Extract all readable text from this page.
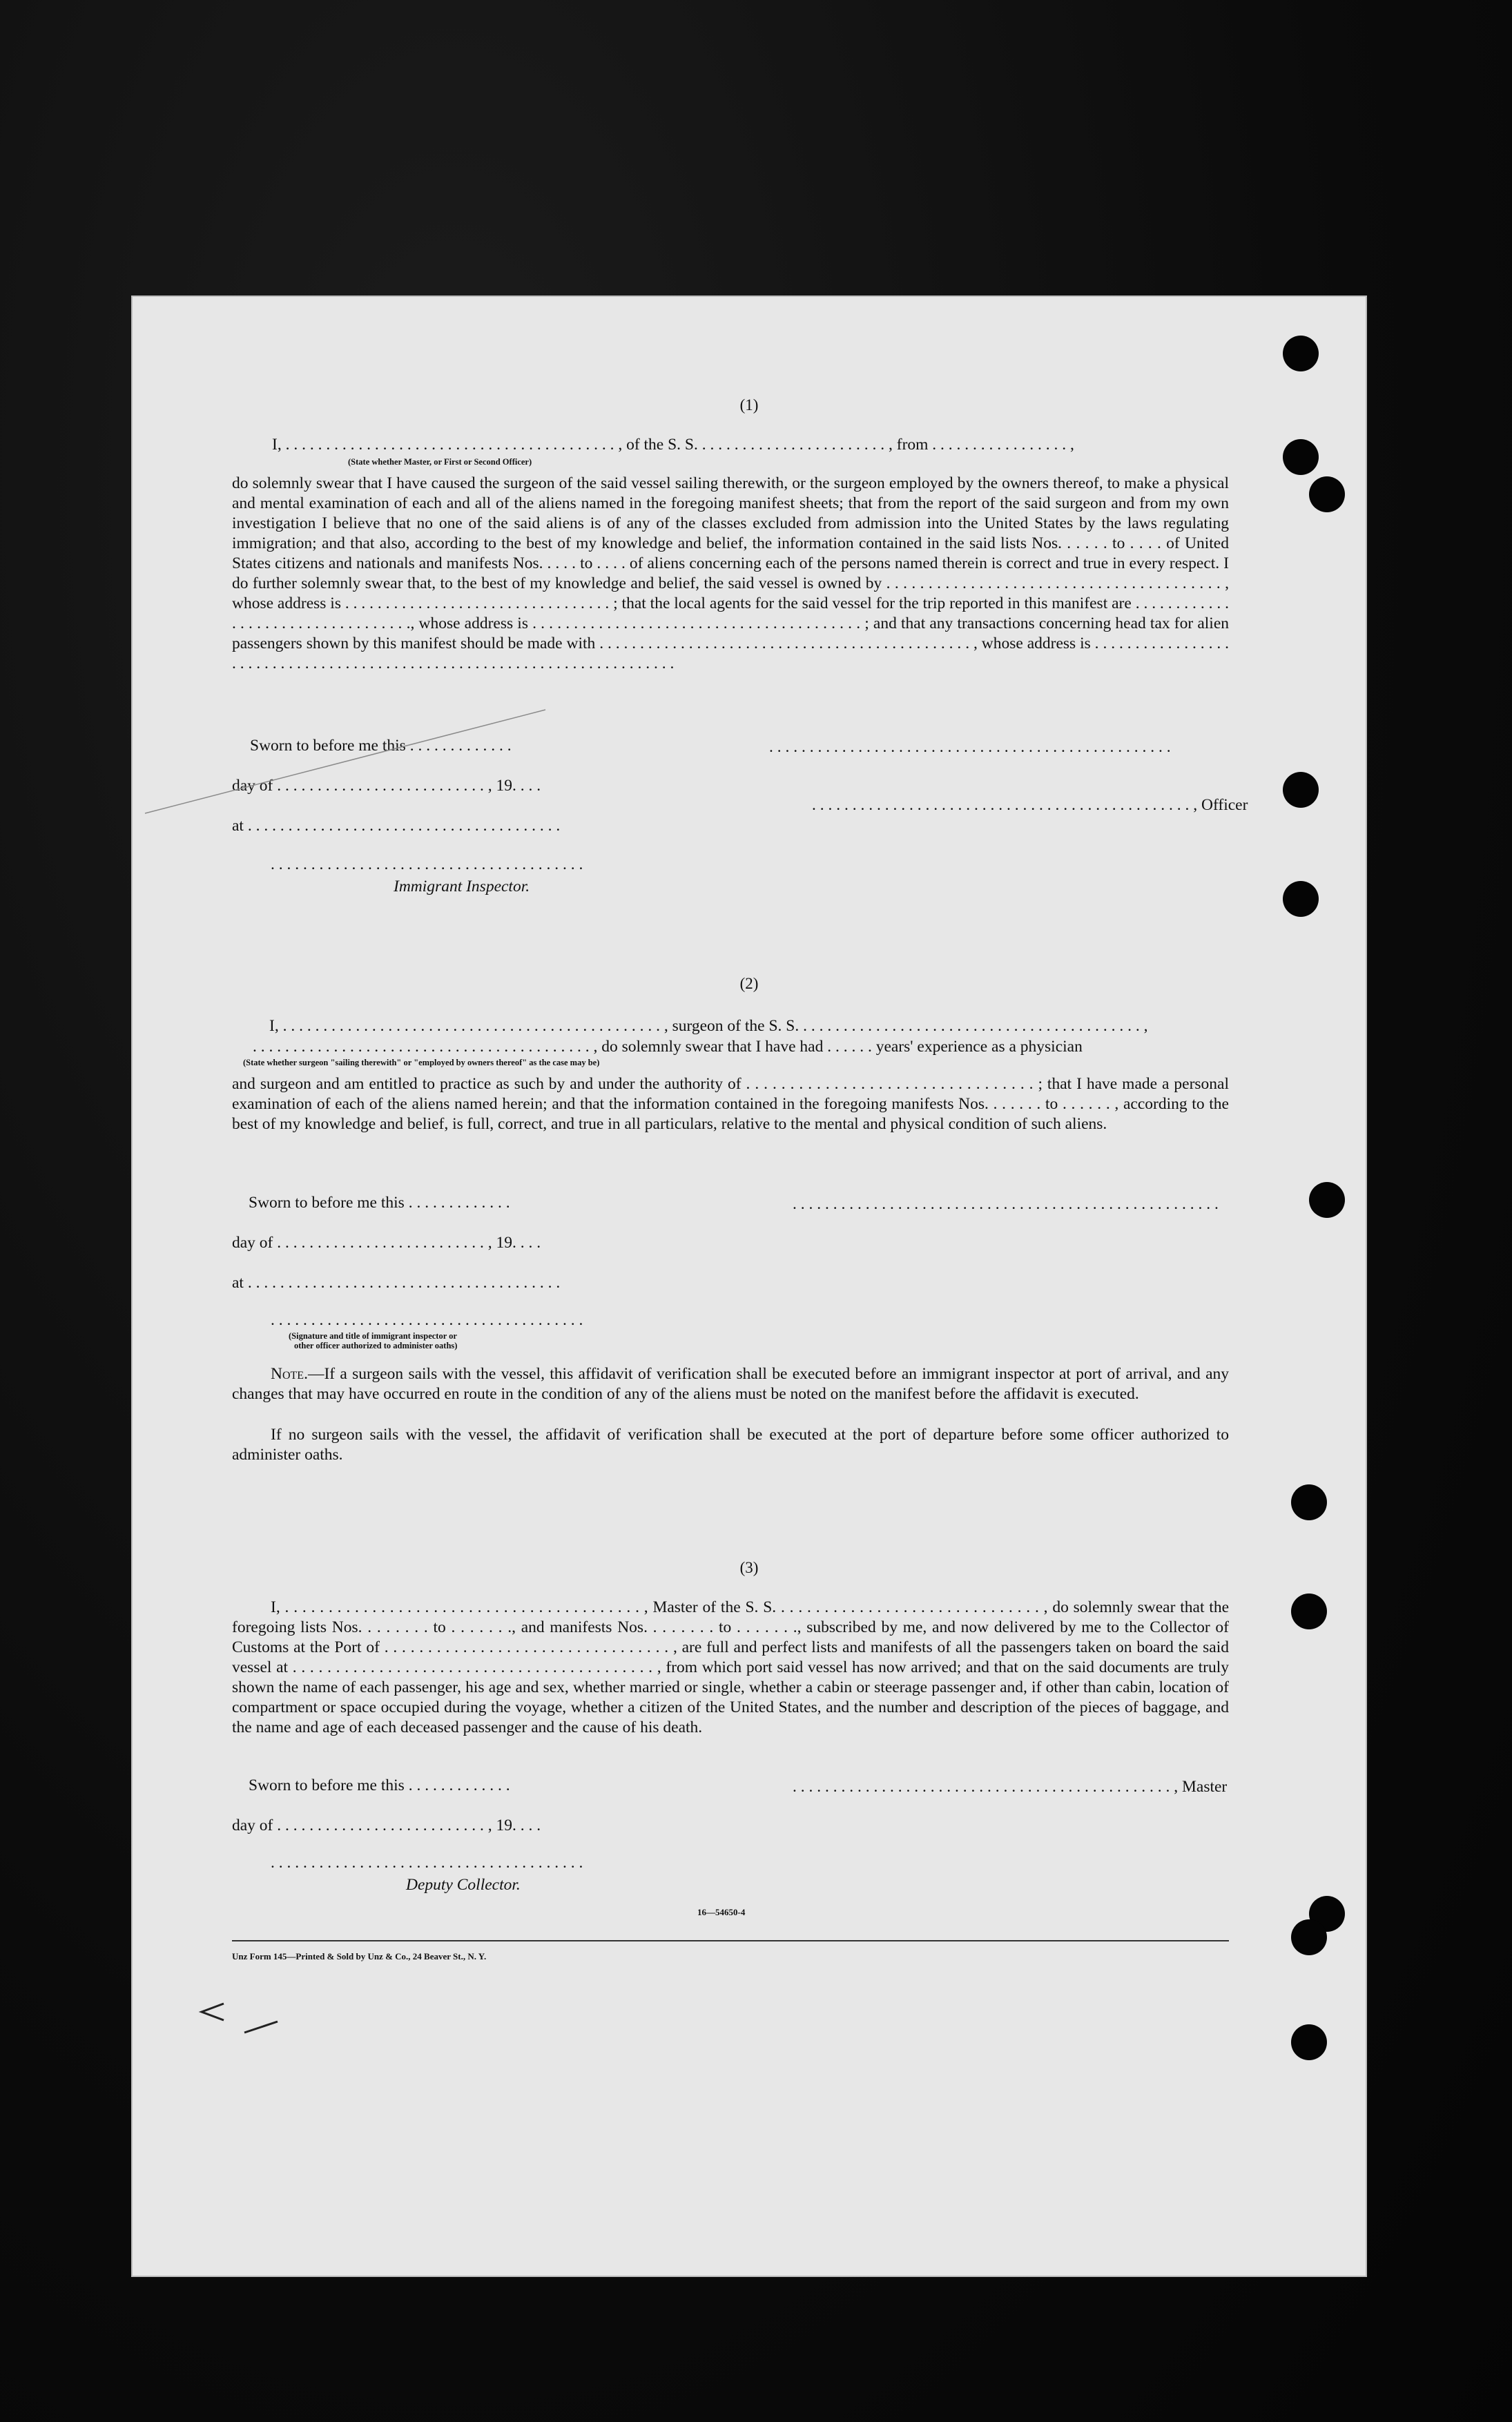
(1)
I, . . . . . . . . . . . . . . . . . . . . . . . . . . . . . . . . . . . . . . . . . , of the S. S. . . . . . . . . . . . . . . . . . . . . . . . , from . . . . . . . . . . . . . . . . . ,
(State whether Master, or First or Second Officer)
do solemnly swear that I have caused the surgeon of the said vessel sailing therewith, or the surgeon employed by the owners thereof, to make a physical and mental examination of each and all of the aliens named in the foregoing manifest sheets; that from the report of the said surgeon and from my own investigation I believe that no one of the said aliens is of any of the classes excluded from admission into the United States by the laws regulating immigration; and that also, according to the best of my knowledge and belief, the information contained in the said lists Nos. . . . . . to . . . . of United States citizens and nationals and manifests Nos. . . . . to . . . . of aliens concerning each of the persons named therein is correct and true in every respect. I do further solemnly swear that, to the best of my knowledge and belief, the said vessel is owned by . . . . . . . . . . . . . . . . . . . . . . . . . . . . . . . . . . . . . . . . , whose address is . . . . . . . . . . . . . . . . . . . . . . . . . . . . . . . . . ; that the local agents for the said vessel for the trip reported in this manifest are . . . . . . . . . . . . . . . . . . . . . . . . . . . . . . . . . ., whose address is . . . . . . . . . . . . . . . . . . . . . . . . . . . . . . . . . . . . . . . . ; and that any transactions concerning head tax for alien passengers shown by this manifest should be made with . . . . . . . . . . . . . . . . . . . . . . . . . . . . . . . . . . . . . . . . . . . . . . , whose address is . . . . . . . . . . . . . . . . . . . . . . . . . . . . . . . . . . . . . . . . . . . . . . . . . . . . . . . . . . . . . . . . . . . . . . . .
Sworn to before me this . . . . . . . . . . . . .
day of . . . . . . . . . . . . . . . . . . . . . . . . . . , 19. . . .
at . . . . . . . . . . . . . . . . . . . . . . . . . . . . . . . . . . . . . . .
. . . . . . . . . . . . . . . . . . . . . . . . . . . . . . . . . . . . . . .
Immigrant Inspector.
. . . . . . . . . . . . . . . . . . . . . . . . . . . . . . . . . . . . . . . . . . . . . . . . . .
. . . . . . . . . . . . . . . . . . . . . . . . . . . . . . . . . . . . . . . . . . . . . . . , Officer
(2)
I, . . . . . . . . . . . . . . . . . . . . . . . . . . . . . . . . . . . . . . . . . . . . . . . , surgeon of the S. S. . . . . . . . . . . . . . . . . . . . . . . . . . . . . . . . . . . . . . . . . . . ,
. . . . . . . . . . . . . . . . . . . . . . . . . . . . . . . . . . . . . . . . . . , do solemnly swear that I have had . . . . . . years' experience as a physician
(State whether surgeon "sailing therewith" or "employed by owners thereof" as the case may be)
and surgeon and am entitled to practice as such by and under the authority of . . . . . . . . . . . . . . . . . . . . . . . . . . . . . . . . . ; that I have made a personal examination of each of the aliens named herein; and that the information contained in the foregoing manifests Nos. . . . . . . to . . . . . . , according to the best of my knowledge and belief, is full, correct, and true in all particulars, relative to the mental and physical condition of such aliens.
Sworn to before me this . . . . . . . . . . . . .
day of . . . . . . . . . . . . . . . . . . . . . . . . . . , 19. . . .
at . . . . . . . . . . . . . . . . . . . . . . . . . . . . . . . . . . . . . . .
. . . . . . . . . . . . . . . . . . . . . . . . . . . . . . . . . . . . . . .
(Signature and title of immigrant inspector or
other officer authorized to administer oaths)
. . . . . . . . . . . . . . . . . . . . . . . . . . . . . . . . . . . . . . . . . . . . . . . . . . . . .
Note.—If a surgeon sails with the vessel, this affidavit of verification shall be executed before an immigrant inspector at port of arrival, and any changes that may have occurred en route in the condition of any of the aliens must be noted on the manifest before the affidavit is executed.
If no surgeon sails with the vessel, the affidavit of verification shall be executed at the port of departure before some officer authorized to administer oaths.
(3)
I, . . . . . . . . . . . . . . . . . . . . . . . . . . . . . . . . . . . . . . . . . , Master of the S. S. . . . . . . . . . . . . . . . . . . . . . . . . . . . . . . , do solemnly swear that the foregoing lists Nos. . . . . . . . to . . . . . . ., and manifests Nos. . . . . . . . to . . . . . . ., subscribed by me, and now delivered by me to the Collector of Customs at the Port of . . . . . . . . . . . . . . . . . . . . . . . . . . . . . . . . . , are full and perfect lists and manifests of all the passengers taken on board the said vessel at . . . . . . . . . . . . . . . . . . . . . . . . . . . . . . . . . . . . . . . . . . , from which port said vessel has now arrived; and that on the said documents are truly shown the name of each passenger, his age and sex, whether married or single, whether a cabin or steerage passenger and, if other than cabin, location of compartment or space occupied during the voyage, whether a citizen of the United States, and the number and description of the pieces of baggage, and the name and age of each deceased passenger and the cause of his death.
Sworn to before me this . . . . . . . . . . . . .
day of . . . . . . . . . . . . . . . . . . . . . . . . . . , 19. . . .
. . . . . . . . . . . . . . . . . . . . . . . . . . . . . . . . . . . . . . .
Deputy Collector.
. . . . . . . . . . . . . . . . . . . . . . . . . . . . . . . . . . . . . . . . . . . . . . . , Master
16—54650-4
Unz Form 145—Printed & Sold by Unz & Co., 24 Beaver St., N. Y.
